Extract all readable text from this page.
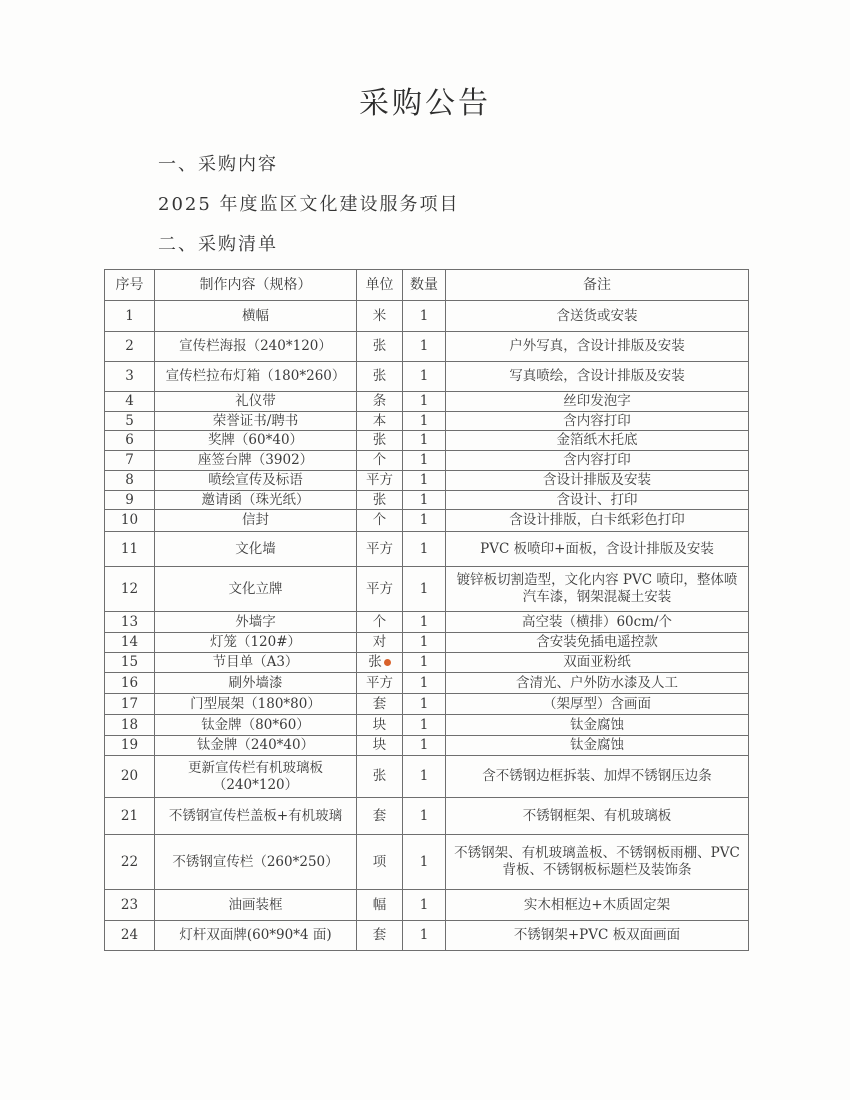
采购公告
一、采购内容
2025 年度监区文化建设服务项目
二、采购清单
序号	制作内容（规格）	单位	数量	备注
1	横幅	米	1	含送货或安装
2	宣传栏海报（240*120）	张	1	户外写真，含设计排版及安装
3	宣传栏拉布灯箱（180*260）	张	1	写真喷绘，含设计排版及安装
4	礼仪带	条	1	丝印发泡字
5	荣誉证书/聘书	本	1	含内容打印
6	奖牌（60*40）	张	1	金箔纸木托底
7	座签台牌（3902）	个	1	含内容打印
8	喷绘宣传及标语	平方	1	含设计排版及安装
9	邀请函（珠光纸）	张	1	含设计、打印
10	信封	个	1	含设计排版，白卡纸彩色打印
11	文化墙	平方	1	PVC 板喷印+面板，含设计排版及安装
12	文化立牌	平方	1	镀锌板切割造型，文化内容 PVC 喷印，整体喷汽车漆，钢架混凝土安装
13	外墙字	个	1	高空装（横排）60cm/个
14	灯笼（120#）	对	1	含安装免插电遥控款
15	节目单（A3）	张	1	双面亚粉纸
16	刷外墙漆	平方	1	含清光、户外防水漆及人工
17	门型展架（180*80）	套	1	（架厚型）含画面
18	钛金牌（80*60）	块	1	钛金腐蚀
19	钛金牌（240*40）	块	1	钛金腐蚀
20	更新宣传栏有机玻璃板（240*120）	张	1	含不锈钢边框拆装、加焊不锈钢压边条
21	不锈钢宣传栏盖板+有机玻璃	套	1	不锈钢框架、有机玻璃板
22	不锈钢宣传栏（260*250）	项	1	不锈钢架、有机玻璃盖板、不锈钢板雨棚、PVC 背板、不锈钢板标题栏及装饰条
23	油画装框	幅	1	实木相框边+木质固定架
24	灯杆双面牌(60*90*4 面)	套	1	不锈钢架+PVC 板双面画面
